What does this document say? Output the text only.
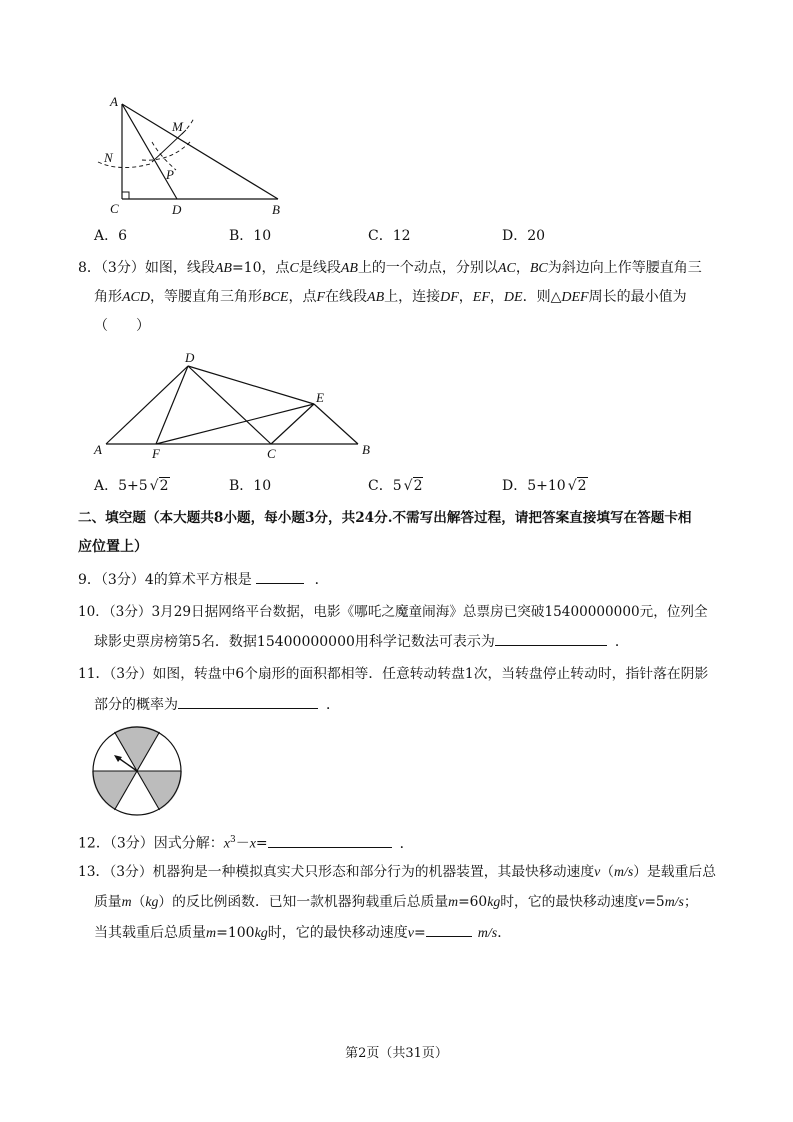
A
M
N
P
C	D	B
A．6	B．10	C．12	D．20
8．（3分）如图，线段AB=10，点C是线段AB上的一个动点，分别以AC，BC为斜边向上作等腰直角三
角形ACD，等腰直角三角形BCE，点F在线段AB上，连接DF，EF，DE．则△DEF周长的最小值为
（　　）
D
E
A	F	C	B
A．5+5 √2	B．10	C．5 √2	D．5+10 √2
二、填空题（本大题共8小题，每小题3分，共24分.不需写出解答过程，请把答案直接填写在答题卡相
应位置上）
9．（3分）4的算术平方根是	．
10．（3分）3月29日据网络平台数据，电影《哪吒之魔童闹海》总票房已突破15400000000元，位列全
球影史票房榜第5名．数据15400000000用科学记数法可表示为	．
11．（3分）如图，转盘中6个扇形的面积都相等．任意转动转盘1次，当转盘停止转动时，指针落在阴影
部分的概率为	．
12．（3分）因式分解：$x^3-x=$	．
13．（3分）机器狗是一种模拟真实犬只形态和部分行为的机器装置，其最快移动速度v（m/s）是载重后总
质量m（kg）的反比例函数．已知一款机器狗载重后总质量m=60kg时，它的最快移动速度v=5m/s；
当其载重后总质量m=100kg时，它的最快移动速度v=	m/s．
第2页（共31页）
